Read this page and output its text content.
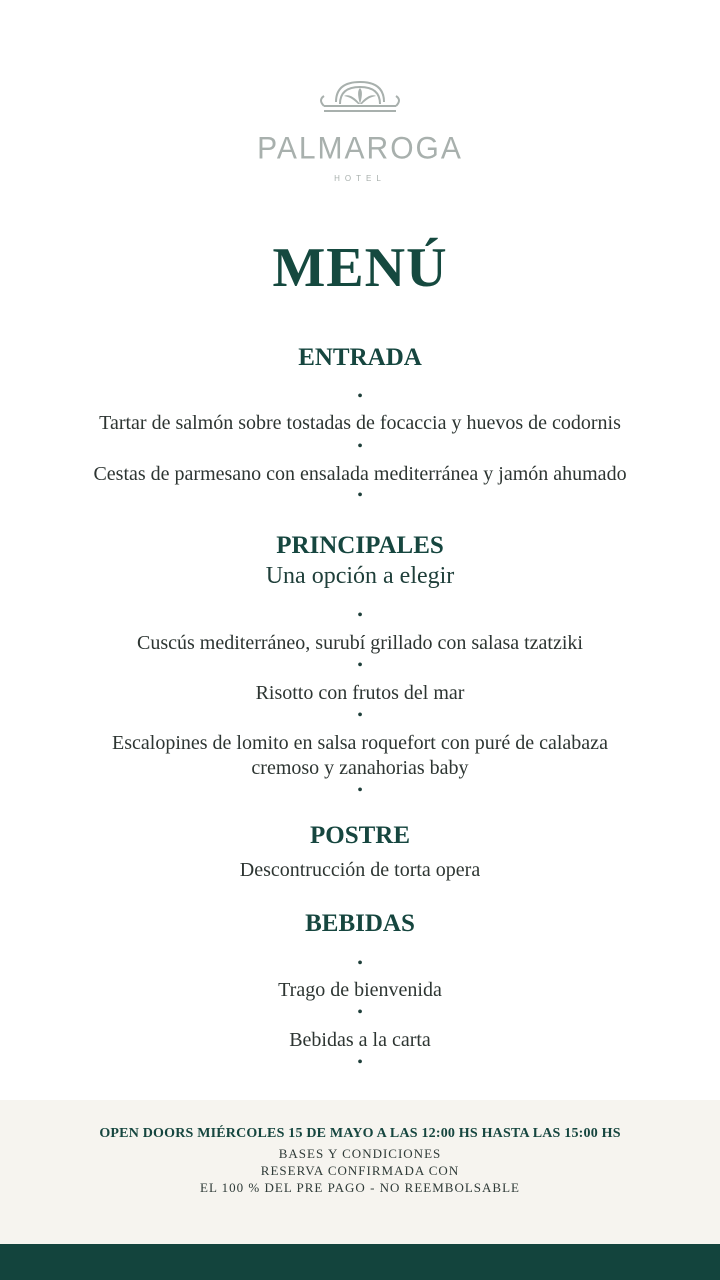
PALMAROGA
HOTEL
MENÚ
ENTRADA
•
Tartar de salmón sobre tostadas de focaccia y huevos de codornis
•
Cestas de parmesano con ensalada mediterránea y jamón ahumado
•
PRINCIPALES
Una opción a elegir
•
Cuscús mediterráneo, surubí grillado con salasa tzatziki
•
Risotto con frutos del mar
•
Escalopines de lomito en salsa roquefort con puré de calabaza
cremoso y zanahorias baby
•
POSTRE
Descontrucción de torta opera
BEBIDAS
•
Trago de bienvenida
•
Bebidas a la carta
•
OPEN DOORS MIÉRCOLES 15 DE MAYO A LAS 12:00 HS HASTA LAS 15:00 HS
BASES Y CONDICIONES
RESERVA CONFIRMADA CON
EL 100 % DEL PRE PAGO - NO REEMBOLSABLE
